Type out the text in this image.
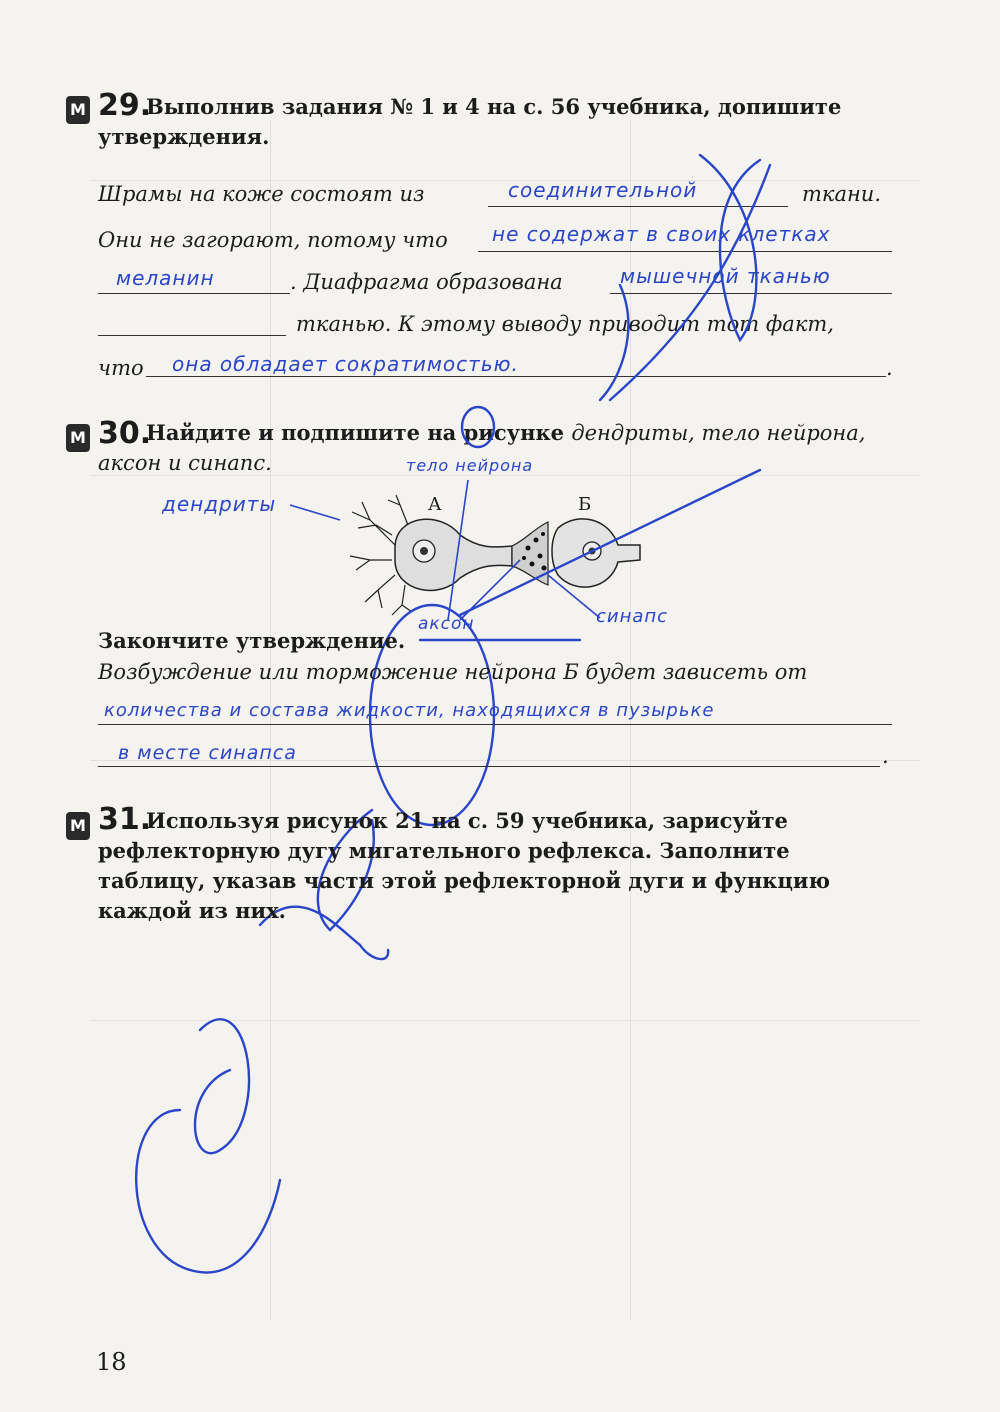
M 29.
Выполнив задания № 1 и 4 на с. 56 учебника, допишите утверждения.
Шрамы на коже состоят из	соединительной	ткани.
Они не загорают, потому что не содержат в своих клетках
меланин	. Диафрагма образована	мышечной тканью
тканью. К этому выводу приводит тот факт,
что она обладает сократимостью.	.
M 30.
Найдите и подпишите на рисунке дендриты, тело нейрона, аксон и синапс.
А	Б
тело нейрона
дендриты
аксон	синапс
Закончите утверждение.
Возбуждение или торможение нейрона Б будет зависеть от
количества и состава жидкости, находящихся в пузырьке
в месте синапса	.
M 31.
Используя рисунок 21 на с. 59 учебника, зарисуйте рефлекторную дугу мигательного рефлекса. Заполните таблицу, указав части этой рефлекторной дуги и функцию каждой из них.
18
